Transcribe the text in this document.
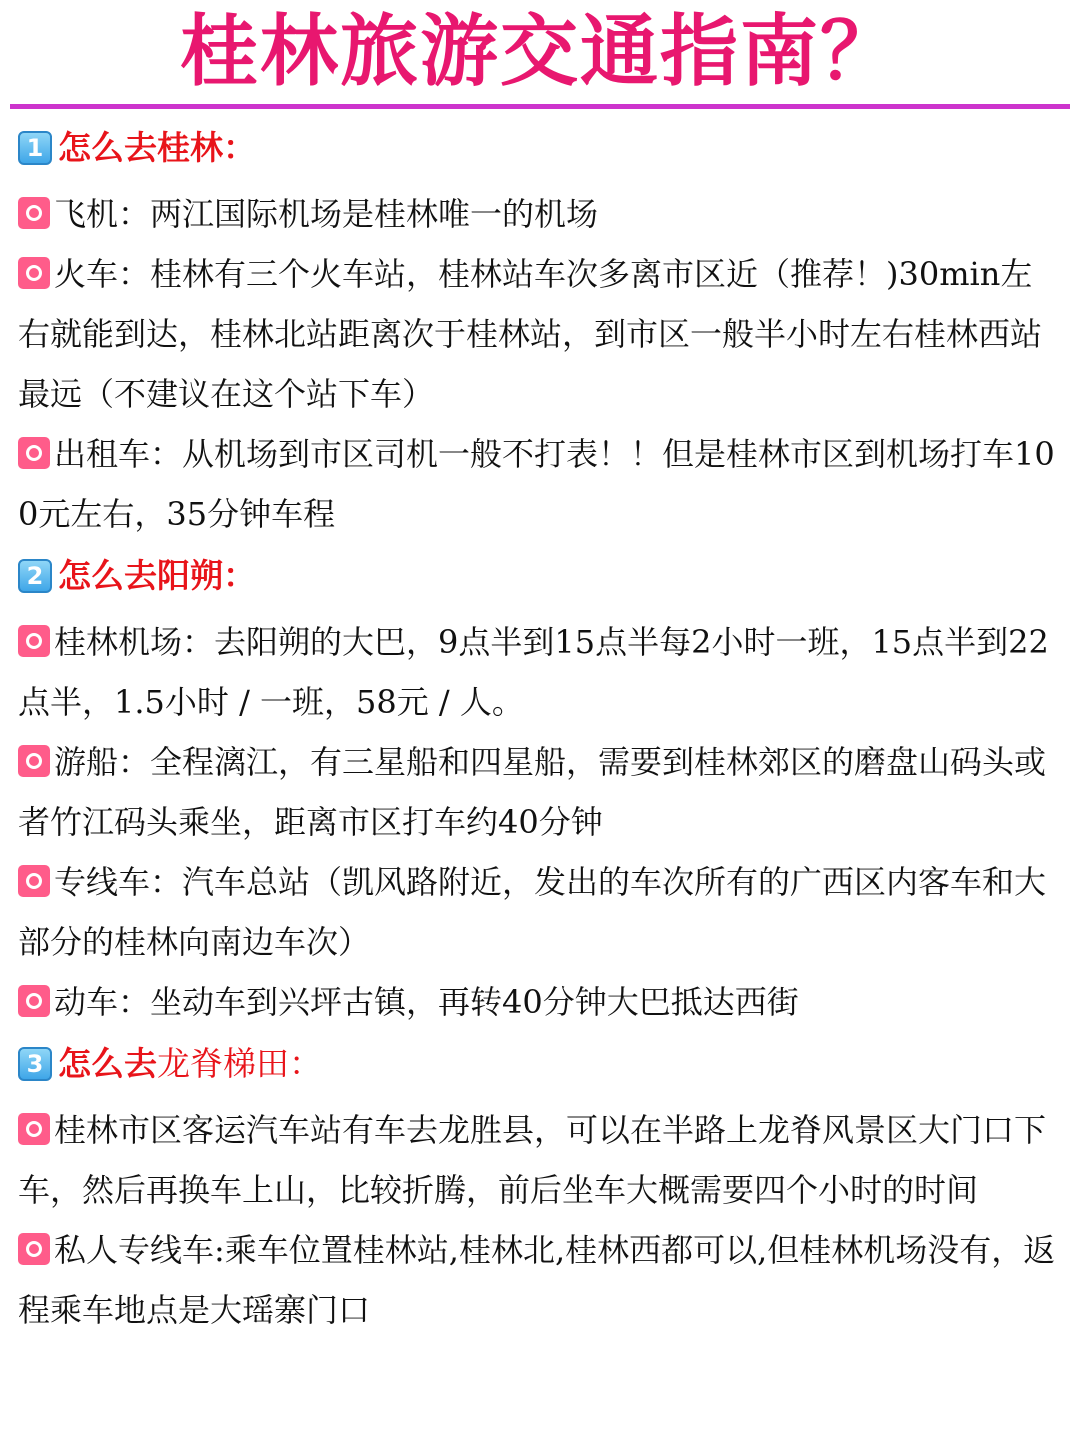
桂林旅游交通指南？
1 怎么去桂林：

飞机：两江国际机场是桂林唯一的机场

火车：桂林有三个火车站，桂林站车次多离市区近（推荐！)30min左右就能到达，桂林北站距离次于桂林站，到市区一般半小时左右桂林西站最远（不建议在这个站下车）

出租车：从机场到市区司机一般不打表！！但是桂林市区到机场打车100元左右，35分钟车程

2 怎么去阳朔：

桂林机场：去阳朔的大巴，9点半到15点半每2小时一班，15点半到22点半，1.5小时 / 一班，58元 / 人。

游船：全程漓江，有三星船和四星船，需要到桂林郊区的磨盘山码头或者竹江码头乘坐，距离市区打车约40分钟

专线车：汽车总站（凯风路附近，发出的车次所有的广西区内客车和大部分的桂林向南边车次）

动车：坐动车到兴坪古镇，再转40分钟大巴抵达西街

3 怎么去 龙脊梯田：

桂林市区客运汽车站有车去龙胜县，可以在半路上龙脊风景区大门口下车，然后再换车上山，比较折腾，前后坐车大概需要四个小时的时间

私人专线车:乘车位置桂林站,桂林北,桂林西都可以,但桂林机场没有，返程乘车地点是大瑶寨门口
